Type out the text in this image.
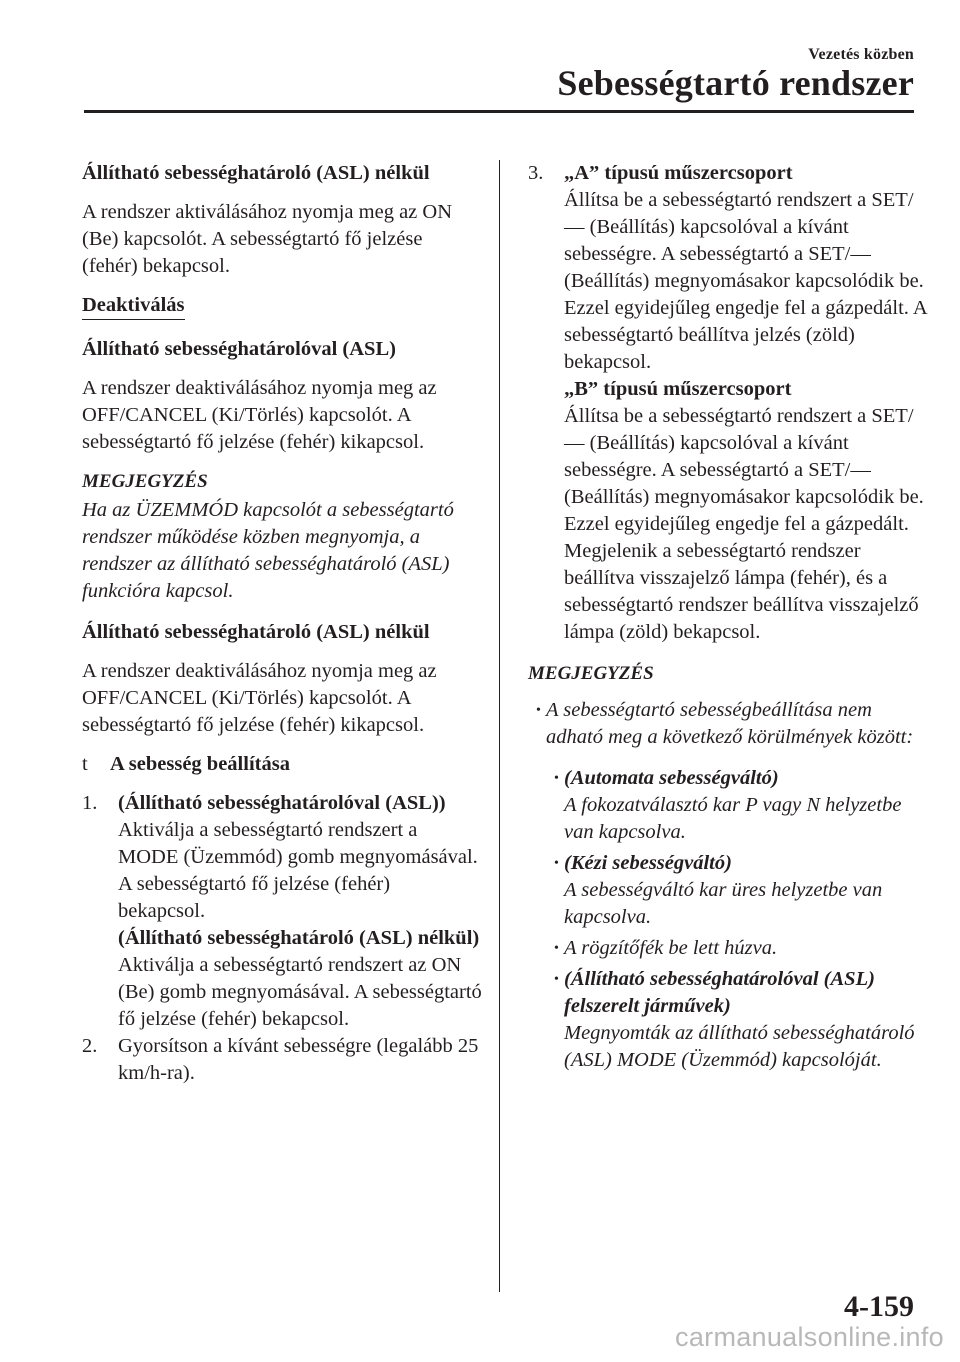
Vezetés közben
Sebességtartó rendszer
Állítható sebességhatároló (ASL) nélkül
A rendszer aktiválásához nyomja meg az ON (Be) kapcsolót. A sebességtartó fő jelzése (fehér) bekapcsol.
Deaktiválás
Állítható sebességhatárolóval (ASL)
A rendszer deaktiválásához nyomja meg az OFF/CANCEL (Ki/Törlés) kapcsolót. A sebességtartó fő jelzése (fehér) kikapcsol.
MEGJEGYZÉS
Ha az ÜZEMMÓD kapcsolót a sebességtartó rendszer működése közben megnyomja, a rendszer az állítható sebességhatároló (ASL) funkcióra kapcsol.
Állítható sebességhatároló (ASL) nélkül
A rendszer deaktiválásához nyomja meg az OFF/CANCEL (Ki/Törlés) kapcsolót. A sebességtartó fő jelzése (fehér) kikapcsol.
t	A sebesség beállítása
1.	(Állítható sebességhatárolóval (ASL))
Aktiválja a sebességtartó rendszert a MODE (Üzemmód) gomb megnyomásával. A sebességtartó fő jelzése (fehér) bekapcsol.
(Állítható sebességhatároló (ASL) nélkül)
Aktiválja a sebességtartó rendszert az ON (Be) gomb megnyomásával. A sebességtartó fő jelzése (fehér) bekapcsol.
2.	Gyorsítson a kívánt sebességre (legalább 25 km/h-ra).
3.	„A” típusú műszercsoport
Állítsa be a sebességtartó rendszert a SET/— (Beállítás) kapcsolóval a kívánt sebességre. A sebességtartó a SET/— (Beállítás) megnyomásakor kapcsolódik be. Ezzel egyidejűleg engedje fel a gázpedált. A sebességtartó beállítva jelzés (zöld) bekapcsol.
„B” típusú műszercsoport
Állítsa be a sebességtartó rendszert a SET/— (Beállítás) kapcsolóval a kívánt sebességre. A sebességtartó a SET/— (Beállítás) megnyomásakor kapcsolódik be. Ezzel egyidejűleg engedje fel a gázpedált. Megjelenik a sebességtartó rendszer beállítva visszajelző lámpa (fehér), és a sebességtartó rendszer beállítva visszajelző lámpa (zöld) bekapcsol.
MEGJEGYZÉS
• A sebességtartó sebességbeállítása nem adható meg a következő körülmények között:
• (Automata sebességváltó)
A fokozatválasztó kar P vagy N helyzetbe van kapcsolva.
• (Kézi sebességváltó)
A sebességváltó kar üres helyzetbe van kapcsolva.
• A rögzítőfék be lett húzva.
• (Állítható sebességhatárolóval (ASL) felszerelt járművek)
Megnyomták az állítható sebességhatároló (ASL) MODE (Üzemmód) kapcsolóját.
4-159
carmanualsonline.info
